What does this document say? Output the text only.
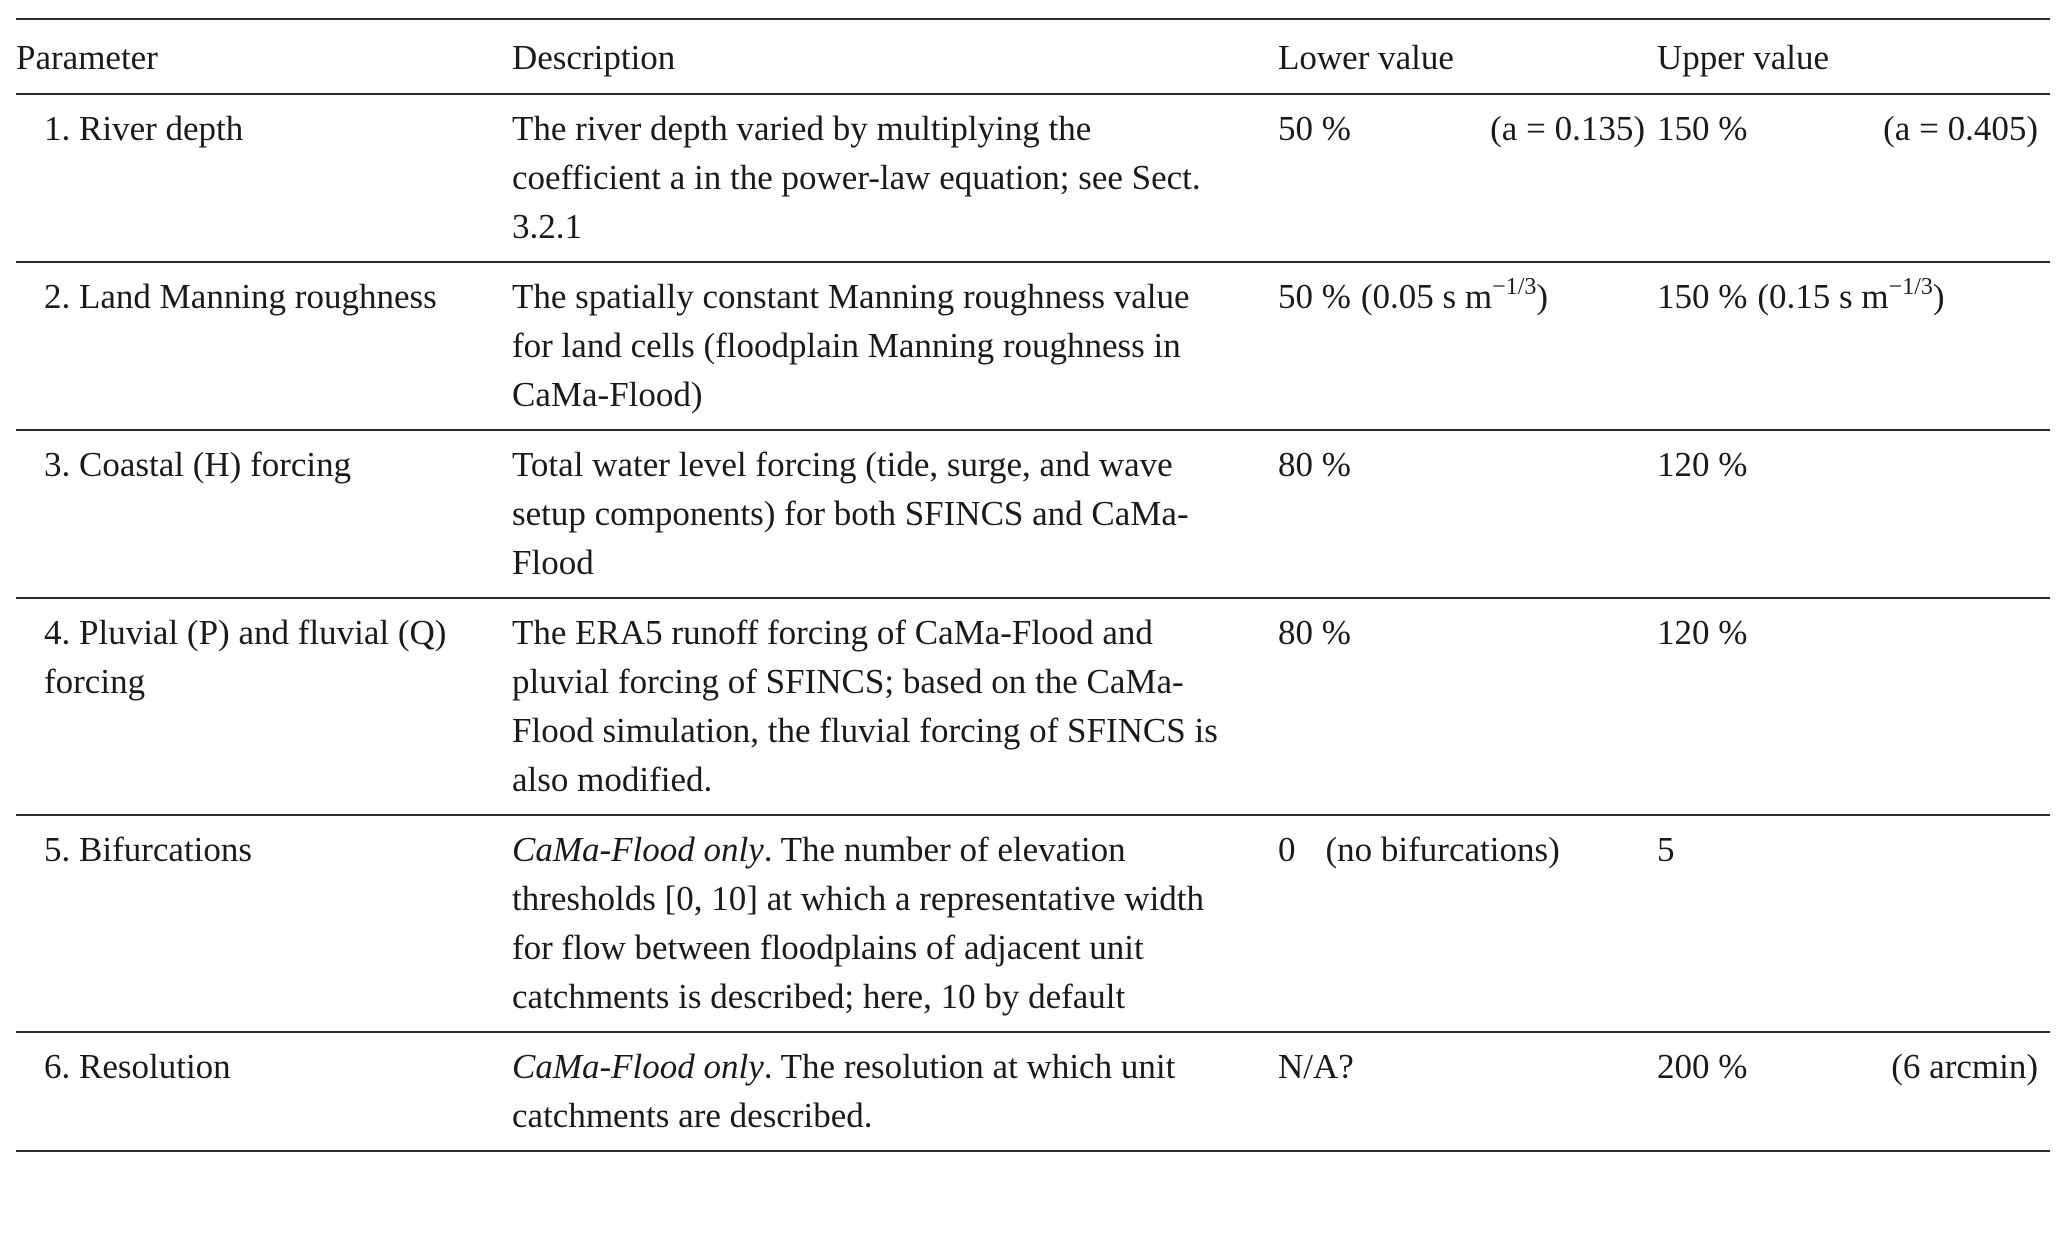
Parameter	Description	Lower value	Upper value
1. River depth	The river depth varied by multiplying the coefficient a in the power-law equation; see Sect. 3.2.1	50 % (a = 0.135)	150 % (a = 0.405)

2. Land Manning roughness	The spatially constant Manning roughness value for land cells (floodplain Manning roughness in CaMa-Flood)	50 % (0.05 s $m^{-1/3}$)	150 % (0.15 s $m^{-1/3}$)

3. Coastal (H) forcing	Total water level forcing (tide, surge, and wave setup components) for both SFINCS and CaMa-Flood	80 %	120 %

4. Pluvial (P) and fluvial (Q) forcing	The ERA5 runoff forcing of CaMa-Flood and pluvial forcing of SFINCS; based on the CaMa-Flood simulation, the fluvial forcing of SFINCS is also modified.	80 %	120 %

5. Bifurcations	CaMa-Flood only. The number of elevation thresholds [0, 10] at which a representative width for flow between floodplains of adjacent unit catchments is described; here, 10 by default	0 (no bifurcations)	5

6. Resolution	CaMa-Flood only. The resolution at which unit catchments are described.	N/A?	200 % (6 arcmin)
